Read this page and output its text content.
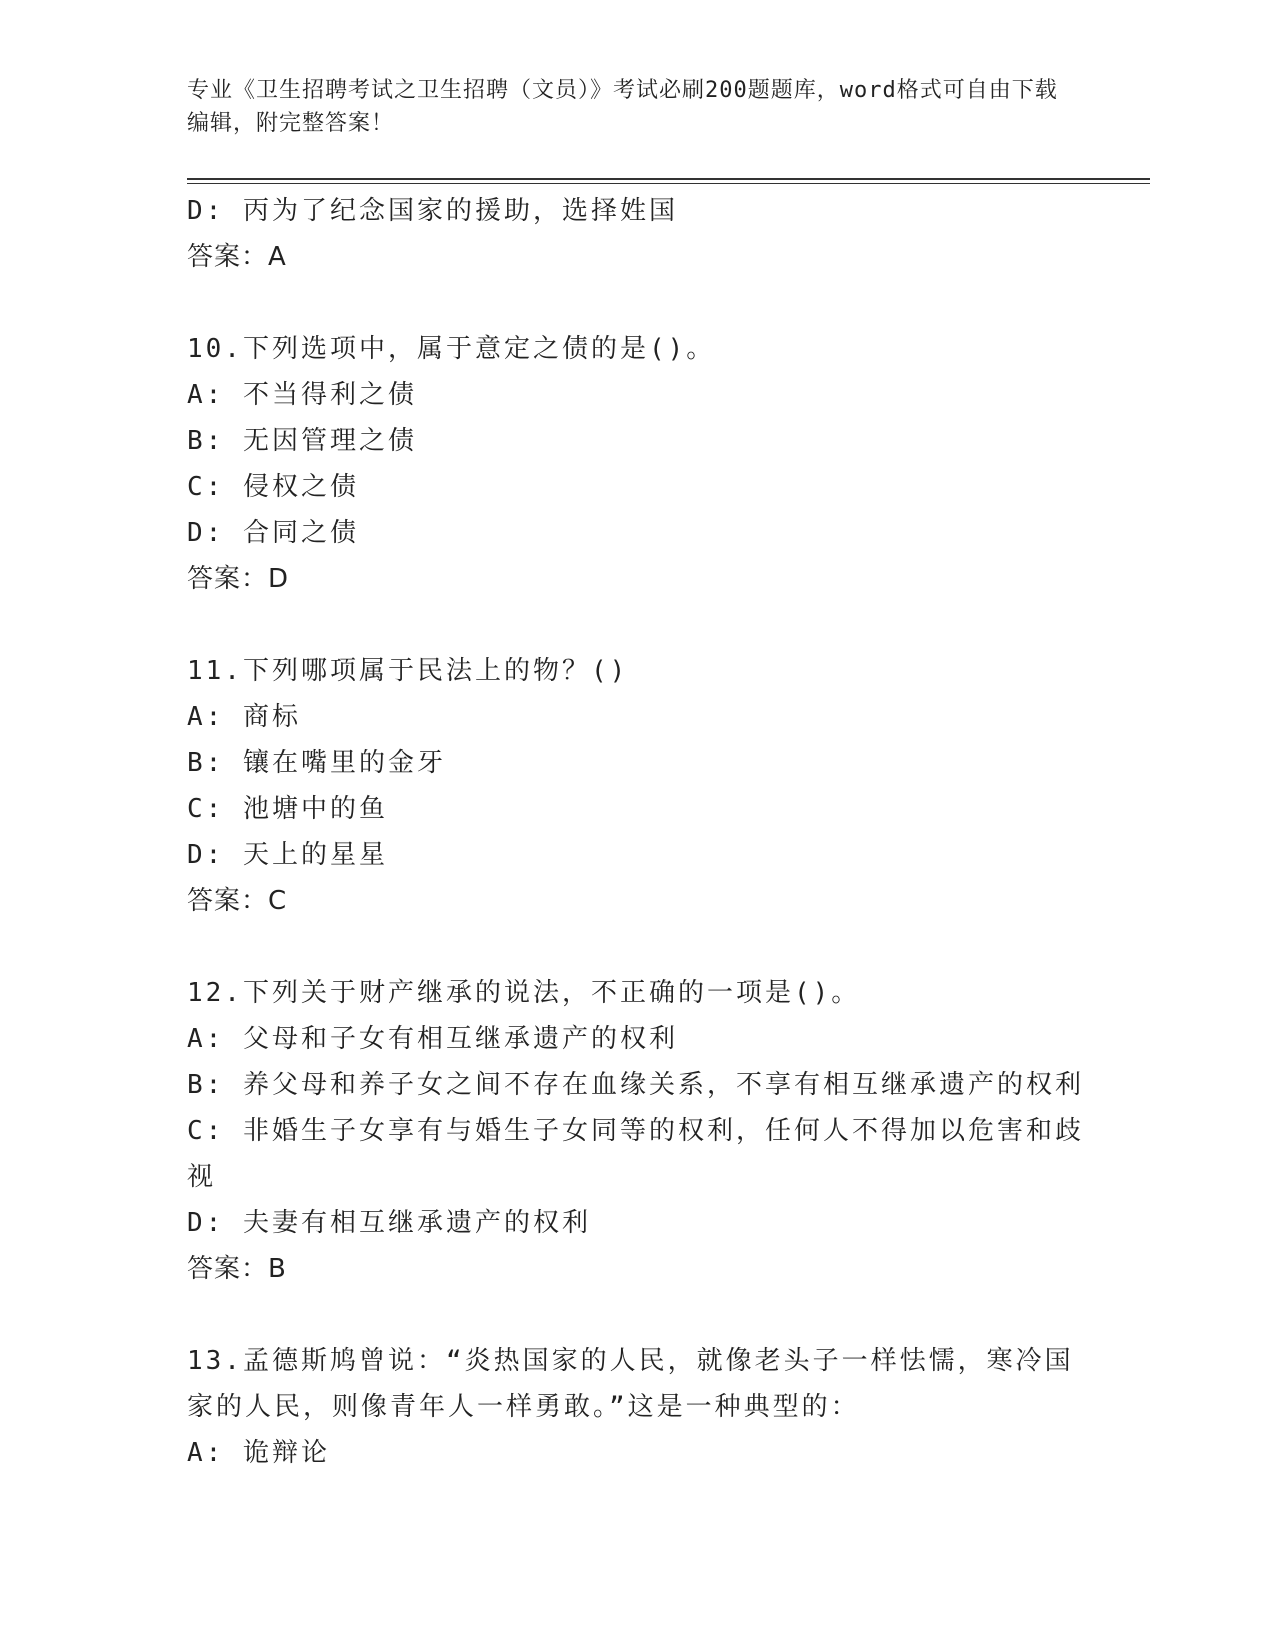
专业《卫生招聘考试之卫生招聘（文员）》考试必刷200题题库，word格式可自由下载编辑，附完整答案！

D: 丙为了纪念国家的援助，选择姓国

答案：A

10.下列选项中，属于意定之债的是()。

A: 不当得利之债

B: 无因管理之债

C: 侵权之债

D: 合同之债

答案：D

11.下列哪项属于民法上的物？()

A: 商标

B: 镶在嘴里的金牙

C: 池塘中的鱼

D: 天上的星星

答案：C

12.下列关于财产继承的说法，不正确的一项是()。

A: 父母和子女有相互继承遗产的权利

B: 养父母和养子女之间不存在血缘关系，不享有相互继承遗产的权利

C: 非婚生子女享有与婚生子女同等的权利，任何人不得加以危害和歧视

D: 夫妻有相互继承遗产的权利

答案：B

13.孟德斯鸠曾说：“炎热国家的人民，就像老头子一样怯懦，寒冷国家的人民，则像青年人一样勇敢。”这是一种典型的：

A: 诡辩论
